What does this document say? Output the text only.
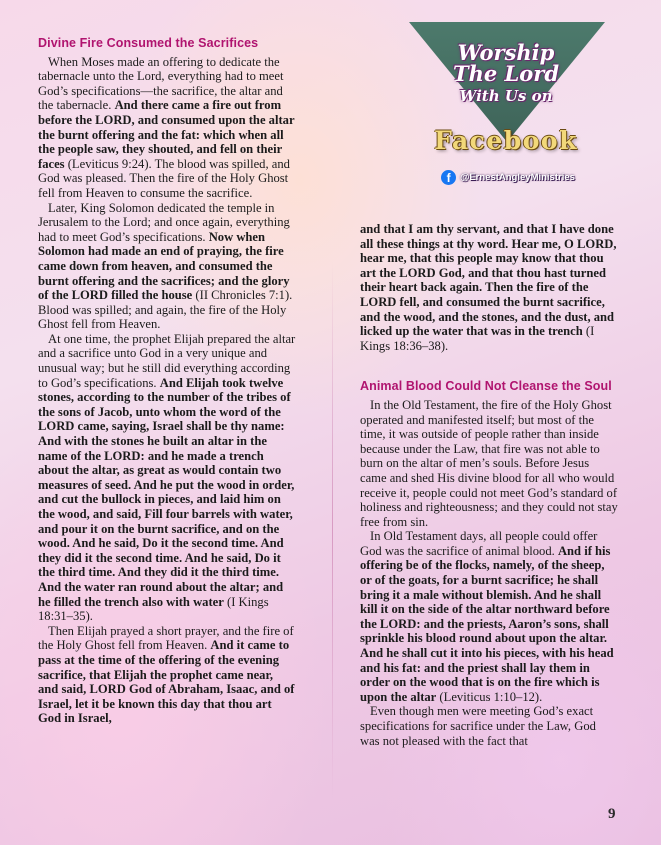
Divine Fire Consumed the Sacrifices

When Moses made an offering to dedicate the tabernacle unto the Lord, everything had to meet God’s specifications—the sacrifice, the altar and the tabernacle. And there came a fire out from before the LORD, and consumed upon the altar the burnt offering and the fat: which when all the people saw, they shouted, and fell on their faces (Leviticus 9:24). The blood was spilled, and God was pleased. Then the fire of the Holy Ghost fell from Heaven to consume the sacrifice.

Later, King Solomon dedicated the temple in Jerusalem to the Lord; and once again, everything had to meet God’s specifications. Now when Solomon had made an end of praying, the fire came down from heaven, and consumed the burnt offering and the sacrifices; and the glory of the LORD filled the house (II Chronicles 7:1). Blood was spilled; and again, the fire of the Holy Ghost fell from Heaven.

At one time, the prophet Elijah prepared the altar and a sacrifice unto God in a very unique and unusual way; but he still did everything according to God’s specifications. And Elijah took twelve stones, according to the number of the tribes of the sons of Jacob, unto whom the word of the LORD came, saying, Israel shall be thy name: And with the stones he built an altar in the name of the LORD: and he made a trench about the altar, as great as would contain two measures of seed. And he put the wood in order, and cut the bullock in pieces, and laid him on the wood, and said, Fill four barrels with water, and pour it on the burnt sacrifice, and on the wood. And he said, Do it the second time. And they did it the second time. And he said, Do it the third time. And they did it the third time. And the water ran round about the altar; and he filled the trench also with water (I Kings 18:31–35).

Then Elijah prayed a short prayer, and the fire of the Holy Ghost fell from Heaven. And it came to pass at the time of the offering of the evening sacrifice, that Elijah the prophet came near, and said, LORD God of Abraham, Isaac, and of Israel, let it be known this day that thou art God in Israel,

Worship
The Lord
With Us on
Facebook
f	@ErnestAngleyMinistries

and that I am thy servant, and that I have done all these things at thy word. Hear me, O LORD, hear me, that this people may know that thou art the LORD God, and that thou hast turned their heart back again. Then the fire of the LORD fell, and consumed the burnt sacrifice, and the wood, and the stones, and the dust, and licked up the water that was in the trench (I Kings 18:36–38).

Animal Blood Could Not Cleanse the Soul

In the Old Testament, the fire of the Holy Ghost operated and manifested itself; but most of the time, it was outside of people rather than inside because under the Law, that fire was not able to burn on the altar of men’s souls. Before Jesus came and shed His divine blood for all who would receive it, people could not meet God’s standard of holiness and righteousness; and they could not stay free from sin.

In Old Testament days, all people could offer God was the sacrifice of animal blood. And if his offering be of the flocks, namely, of the sheep, or of the goats, for a burnt sacrifice; he shall bring it a male without blemish. And he shall kill it on the side of the altar northward before the LORD: and the priests, Aaron’s sons, shall sprinkle his blood round about upon the altar. And he shall cut it into his pieces, with his head and his fat: and the priest shall lay them in order on the wood that is on the fire which is upon the altar (Leviticus 1:10–12).

Even though men were meeting God’s exact specifications for sacrifice under the Law, God was not pleased with the fact that

9
